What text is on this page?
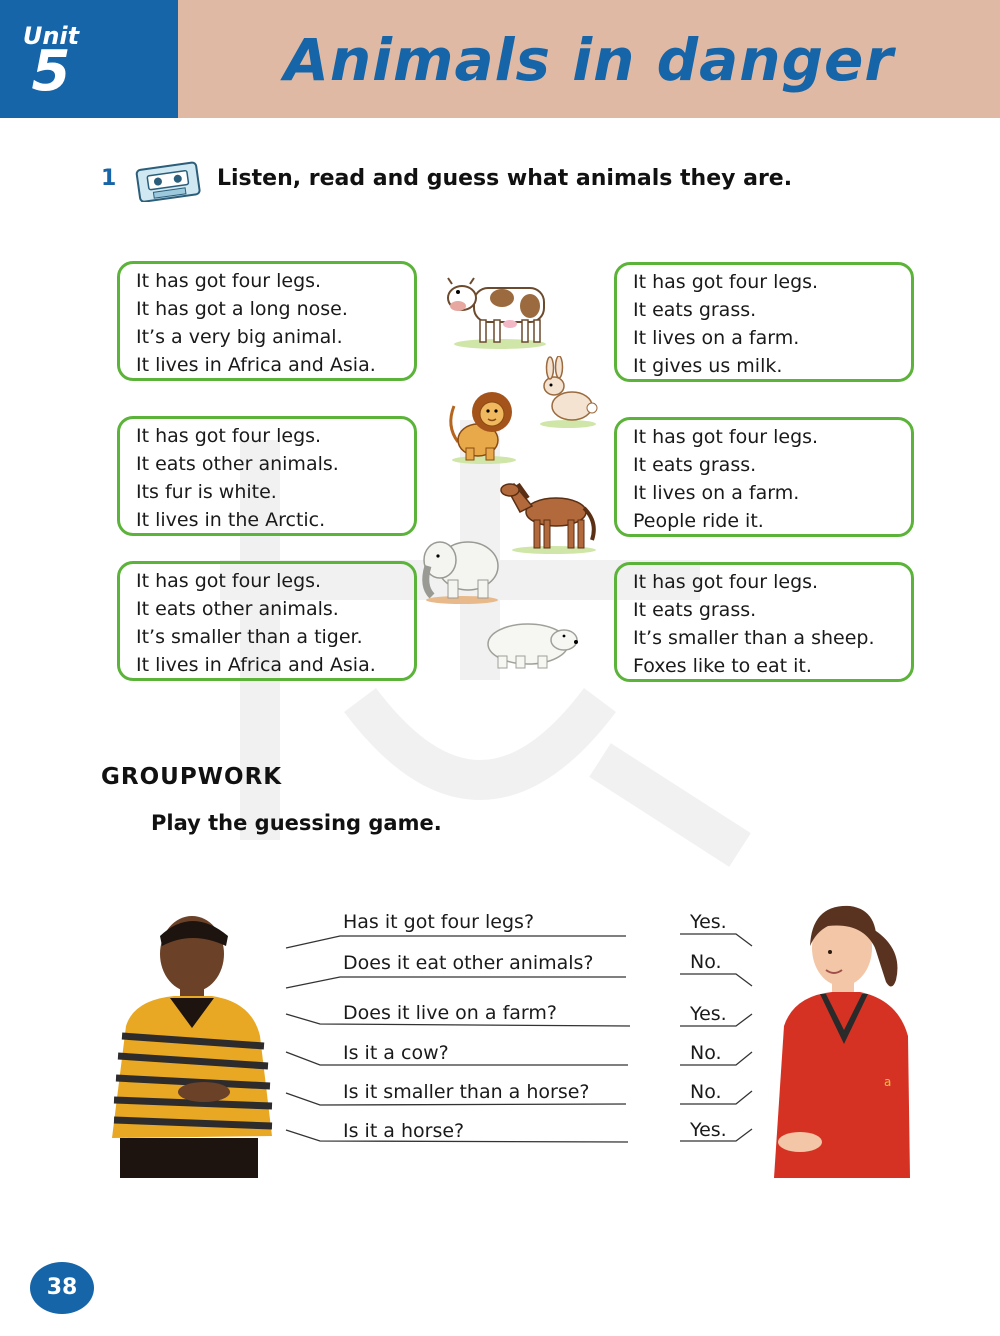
Unit
5	Animals in danger
1	Listen, read and guess what animals they are.
It has got four legs.
It has got a long nose.
It’s a very big animal.
It lives in Africa and Asia.
It has got four legs.
It eats grass.
It lives on a farm.
It gives us milk.
It has got four legs.
It eats other animals.
Its fur is white.
It lives in the Arctic.
It has got four legs.
It eats grass.
It lives on a farm.
People ride it.
It has got four legs.
It eats other animals.
It’s smaller than a tiger.
It lives in Africa and Asia.
It has got four legs.
It eats grass.
It’s smaller than a sheep.
Foxes like to eat it.
GROUPWORK
Play the guessing game.
a
Has it got four legs?	Yes.
Does it eat other animals?	No.
Does it live on a farm?	Yes.
Is it a cow?	No.
Is it smaller than a horse?	No.
Is it a horse?	Yes.
38
